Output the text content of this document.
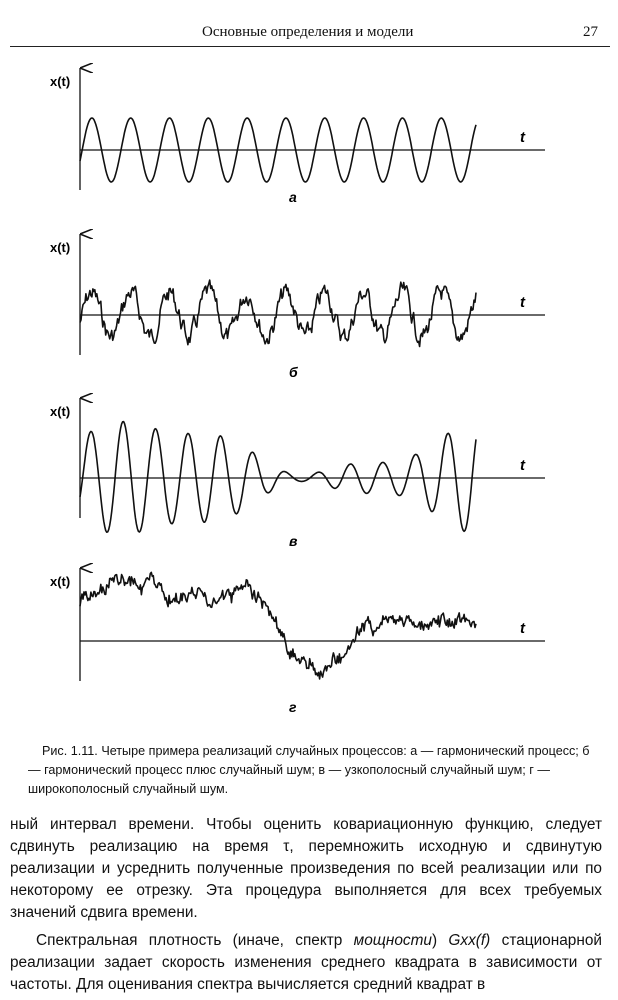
Основные определения и модели	27
x(t)
t
а
x(t)
t
б
x(t)
t
в
x(t)
t
г
Рис. 1.11. Четыре примера реализаций случайных процессов: а — гармонический процесс; б — гармонический процесс плюс случайный шум; в — узкополосный случайный шум; г — широкополосный случайный шум.

ный интервал времени. Чтобы оценить ковариационную функцию, следует сдвинуть реализацию на время τ, перемножить исходную и сдвинутую реализации и усреднить полученные произведения по всей реализации или по некоторому ее отрезку. Эта процедура выполняется для всех требуемых значений сдвига времени.

Спектральная плотность (иначе, спектр мощности) Gxx(f) стационарной реализации задает скорость изменения среднего квадрата в зависимости от частоты. Для оценивания спектра вычисляется средний квадрат в
